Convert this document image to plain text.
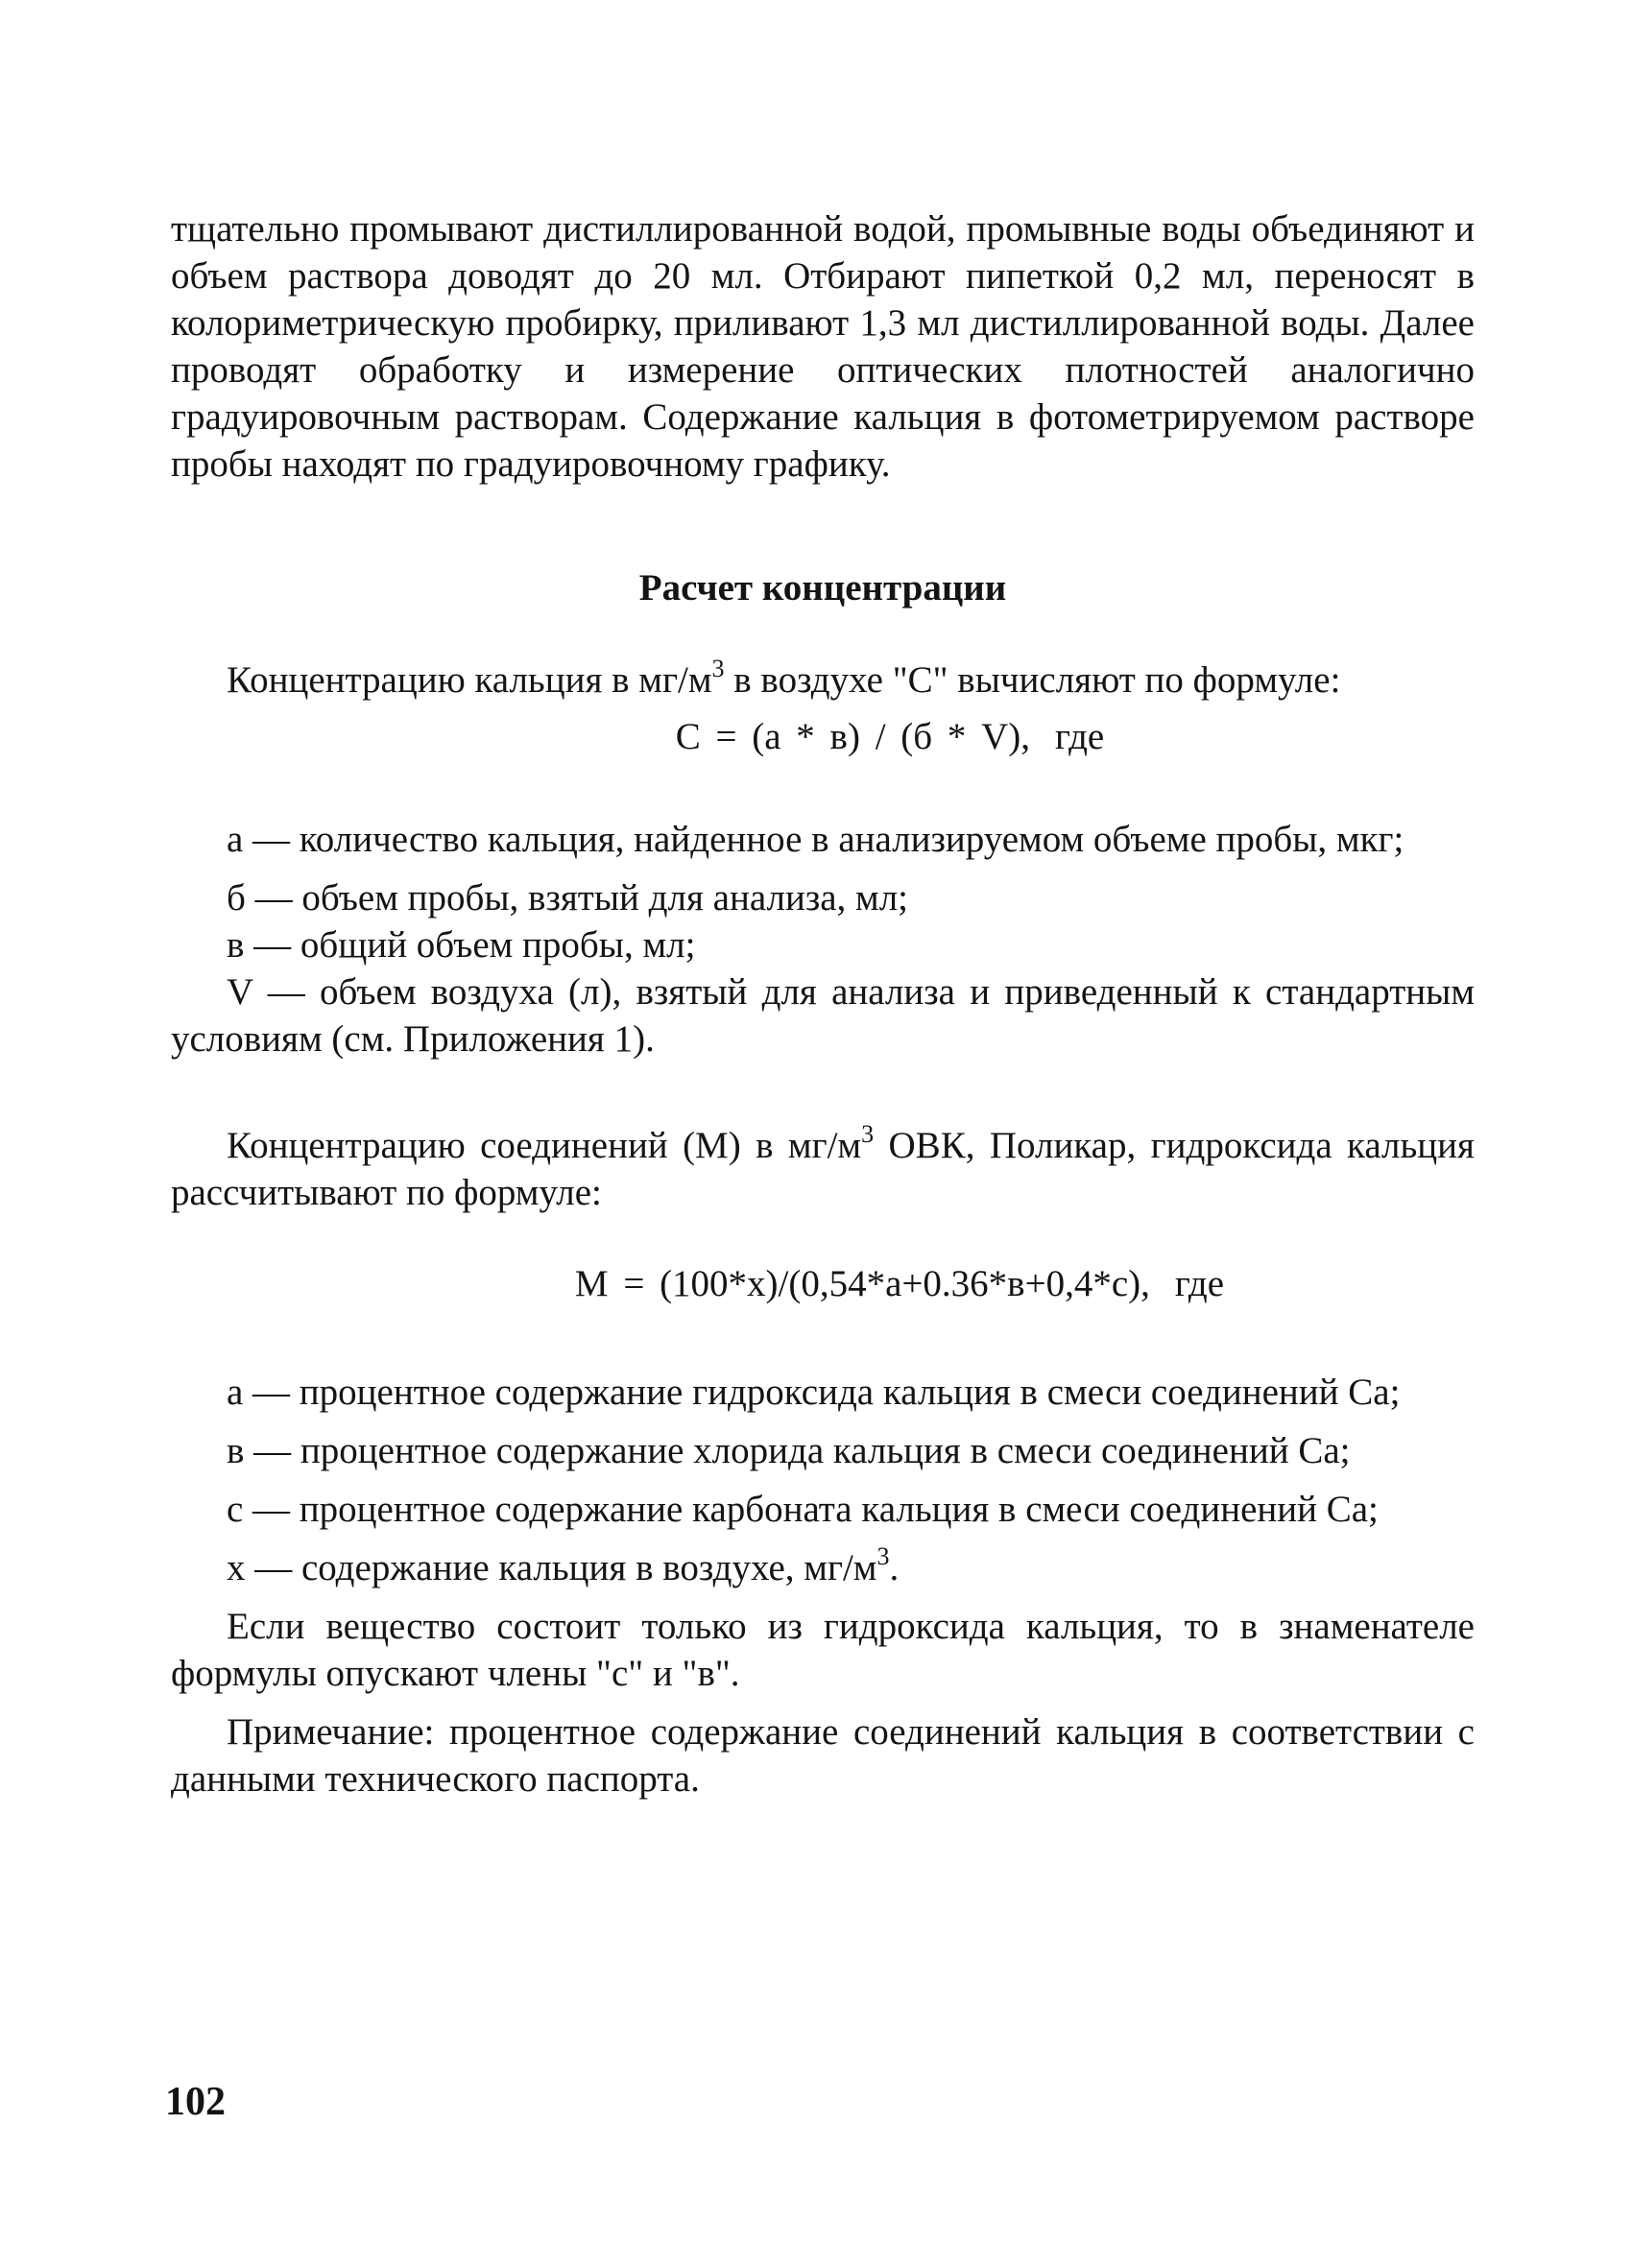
тщательно промывают дистиллированной водой, промывные воды объединяют и объем раствора доводят до 20 мл. Отбирают пипеткой 0,2 мл, переносят в колориметрическую пробирку, приливают 1,3 мл дистиллированной воды. Далее проводят обработку и измерение оптических плотностей аналогично градуировочным растворам. Содержание кальция в фотометрируемом растворе пробы находят по градуировочному графику.

Расчет концентрации

Концентрацию кальция в $мг/м^3$ в воздухе "С" вычисляют по формуле:

С = (а * в) / (б * V), где

а — количество кальция, найденное в анализируемом объеме пробы, мкг;

б — объем пробы, взятый для анализа, мл;

в — общий объем пробы, мл;

V — объем воздуха (л), взятый для анализа и приведенный к стандартным условиям (см. Приложения 1).

Концентрацию соединений (М) в $мг/м^3$ ОВК, Поликар, гидроксида кальция рассчитывают по формуле:

М = (100*х)/(0,54*а+0.36*в+0,4*с), где

а — процентное содержание гидроксида кальция в смеси соединений Са;

в — процентное содержание хлорида кальция в смеси соединений Са;

с — процентное содержание карбоната кальция в смеси соединений Са;

х — содержание кальция в воздухе, $мг/м^3$.

Если вещество состоит только из гидроксида кальция, то в знаменателе формулы опускают члены "с" и "в".

Примечание: процентное содержание соединений кальция в соответствии с данными технического паспорта.

102
